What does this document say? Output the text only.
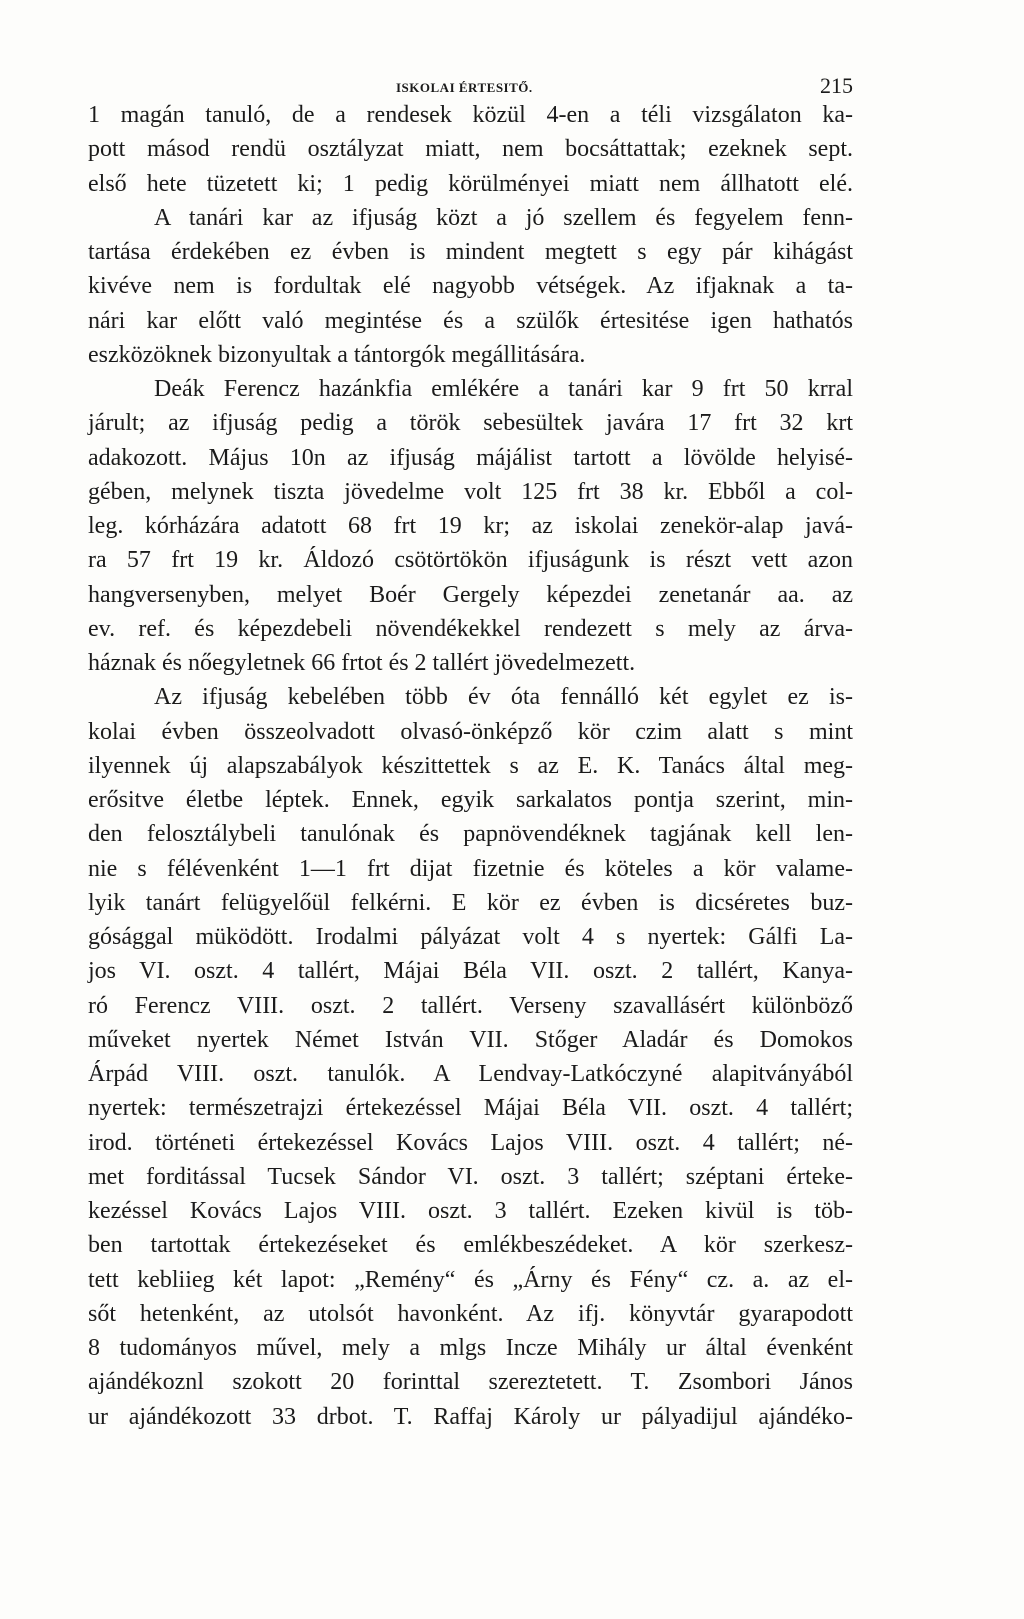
ISKOLAI ÉRTESITŐ.	215
1 magán tanuló, de a rendesek közül 4-en a téli vizsgálaton ka-
pott másod rendü osztályzat miatt, nem bocsáttattak; ezeknek sept.
első hete tüzetett ki; 1 pedig körülményei miatt nem állhatott elé.
A tanári kar az ifjuság közt a jó szellem és fegyelem fenn-
tartása érdekében ez évben is mindent megtett s egy pár kihágást
kivéve nem is fordultak elé nagyobb vétségek. Az ifjaknak a ta-
nári kar előtt való megintése és a szülők értesitése igen hathatós
eszközöknek bizonyultak a tántorgók megállitására.
Deák Ferencz hazánkfia emlékére a tanári kar 9 frt 50 krral
járult; az ifjuság pedig a török sebesültek javára 17 frt 32 krt
adakozott. Május 10n az ifjuság májálist tartott a lövölde helyisé-
gében, melynek tiszta jövedelme volt 125 frt 38 kr. Ebből a col-
leg. kórházára adatott 68 frt 19 kr; az iskolai zenekör-alap javá-
ra 57 frt 19 kr. Áldozó csötörtökön ifjuságunk is részt vett azon
hangversenyben, melyet Boér Gergely képezdei zenetanár aa. az
ev. ref. és képezdebeli növendékekkel rendezett s mely az árva-
háznak és nőegyletnek 66 frtot és 2 tallért jövedelmezett.
Az ifjuság kebelében több év óta fennálló két egylet ez is-
kolai évben összeolvadott olvasó-önképző kör czim alatt s mint
ilyennek új alapszabályok készittettek s az E. K. Tanács által meg-
erősitve életbe léptek. Ennek, egyik sarkalatos pontja szerint, min-
den felosztálybeli tanulónak és papnövendéknek tagjának kell len-
nie s félévenként 1—1 frt dijat fizetnie és köteles a kör valame-
lyik tanárt felügyelőül felkérni. E kör ez évben is dicséretes buz-
gósággal müködött. Irodalmi pályázat volt 4 s nyertek: Gálfi La-
jos VI. oszt. 4 tallért, Májai Béla VII. oszt. 2 tallért, Kanya-
ró Ferencz VIII. oszt. 2 tallért. Verseny szavallásért különböző
műveket nyertek Német István VII. Stőger Aladár és Domokos
Árpád VIII. oszt. tanulók. A Lendvay-Latkóczyné alapitványából
nyertek: természetrajzi értekezéssel Májai Béla VII. oszt. 4 tallért;
irod. történeti értekezéssel Kovács Lajos VIII. oszt. 4 tallért; né-
met forditással Tucsek Sándor VI. oszt. 3 tallért; széptani érteke-
kezéssel Kovács Lajos VIII. oszt. 3 tallért. Ezeken kivül is töb-
ben tartottak értekezéseket és emlékbeszédeket. A kör szerkesz-
tett kebliieg két lapot: „Remény“ és „Árny és Fény“ cz. a. az el-
sőt hetenként, az utolsót havonként. Az ifj. könyvtár gyarapodott
8 tudományos művel, mely a mlgs Incze Mihály ur által évenként
ajándékoznl szokott 20 forinttal szereztetett. T. Zsombori János
ur ajándékozott 33 drbot. T. Raffaj Károly ur pályadijul ajándéko-
